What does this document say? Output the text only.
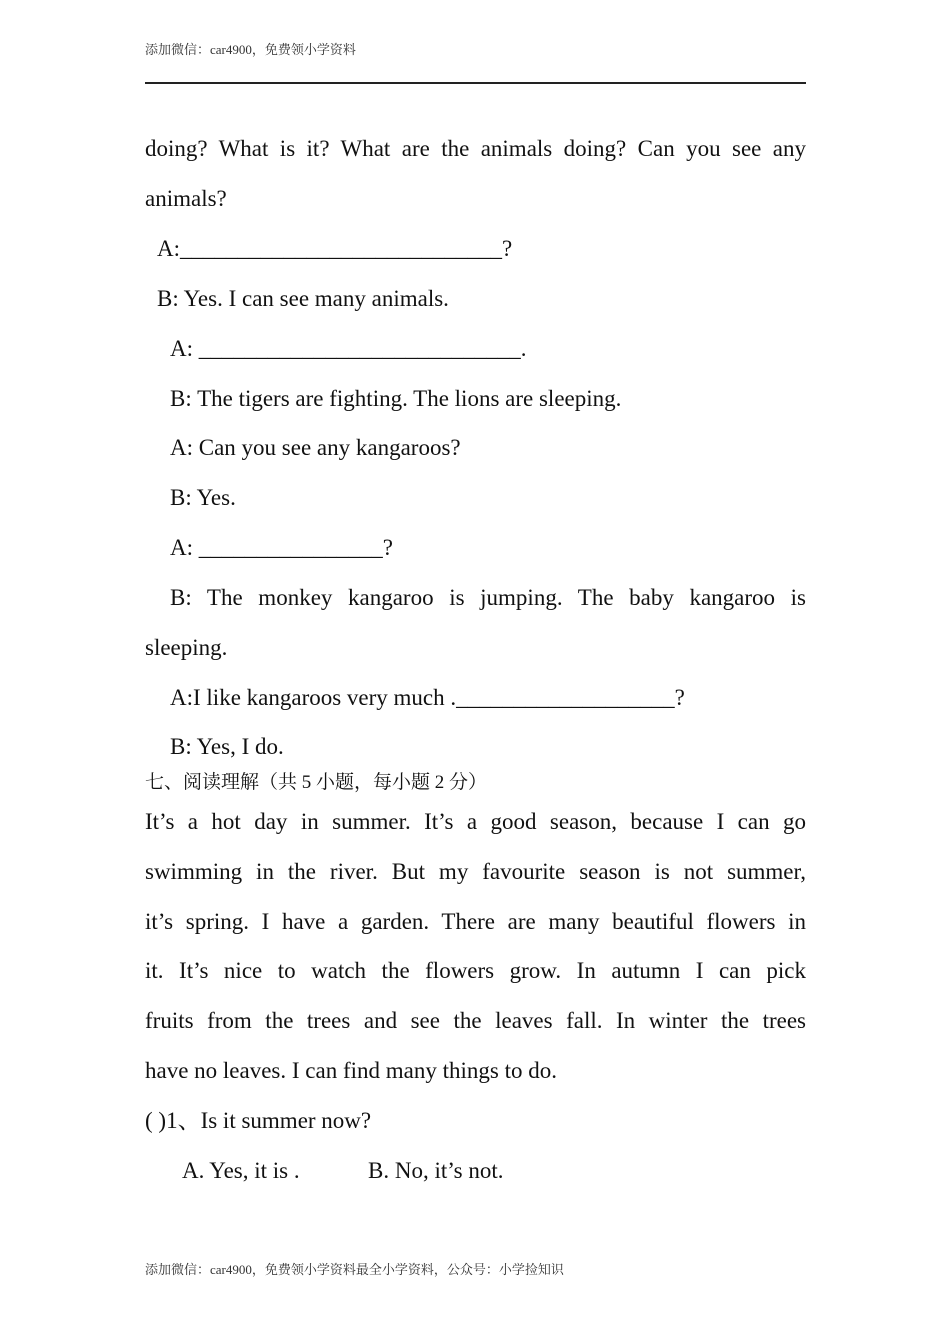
添加微信：car4900，免费领小学资料
doing? What is it? What are the animals doing? Can you see any
animals?
A:____________________________?
B: Yes. I can see many animals.
A: ____________________________.
B: The tigers are fighting. The lions are sleeping.
A: Can you see any kangaroos?
B: Yes.
A: ________________?
B: The monkey kangaroo is jumping. The baby kangaroo is
sleeping.
A:I like kangaroos very much .___________________?
B: Yes, I do.
七、阅读理解（共 5 小题，每小题 2 分）
It’s a hot day in summer. It’s a good season, because I can go
swimming in the river. But my favourite season is not summer,
it’s spring. I have a garden. There are many beautiful flowers in
it. It’s nice to watch the flowers grow. In autumn I can pick
fruits from the trees and see the leaves fall. In winter the trees
have no leaves. I can find many things to do.
( )1、Is it summer now?
A. Yes, it is .	B. No, it’s not.
添加微信：car4900，免费领小学资料最全小学资料，公众号：小学捡知识
